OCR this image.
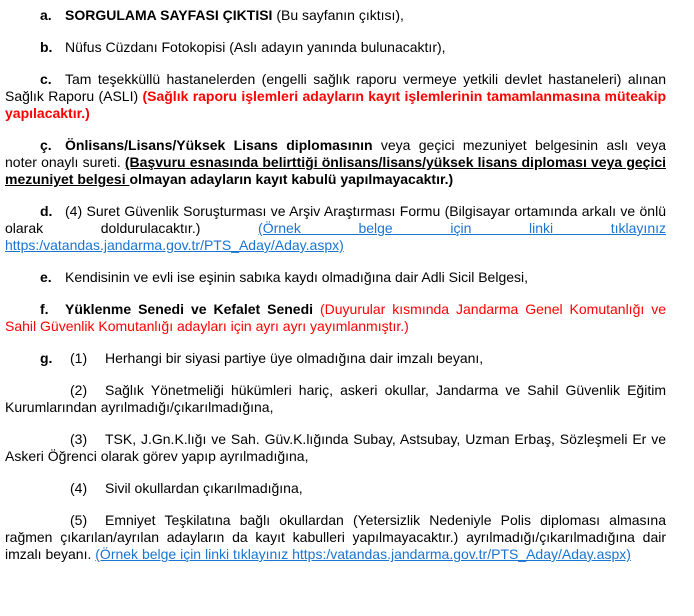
a. SORGULAMA SAYFASI ÇIKTISI (Bu sayfanın çıktısı),

b. Nüfus Cüzdanı Fotokopisi (Aslı adayın yanında bulunacaktır),

c. Tam teşekküllü hastanelerden (engelli sağlık raporu vermeye yetkili devlet hastaneleri) alınan Sağlık Raporu (ASLI) (Sağlık raporu işlemleri adayların kayıt işlemlerinin tamamlanmasına müteakip yapılacaktır.)

ç. Önlisans/Lisans/Yüksek Lisans diplomasının veya geçici mezuniyet belgesinin aslı veya noter onaylı sureti. (Başvuru esnasında belirttiği önlisans/lisans/yüksek lisans diploması veya geçici mezuniyet belgesi olmayan adayların kayıt kabulü yapılmayacaktır.)

d. (4) Suret Güvenlik Soruşturması ve Arşiv Araştırması Formu (Bilgisayar ortamında arkalı ve önlü olarak doldurulacaktır.) (Örnek belge için linki tıklayınız https:/vatandas.jandarma.gov.tr/PTS_Aday/Aday.aspx)

e. Kendisinin ve evli ise eşinin sabıka kaydı olmadığına dair Adli Sicil Belgesi,

f. Yüklenme Senedi ve Kefalet Senedi (Duyurular kısmında Jandarma Genel Komutanlığı ve Sahil Güvenlik Komutanlığı adayları için ayrı ayrı yayımlanmıştır.)

g. (1) Herhangi bir siyasi partiye üye olmadığına dair imzalı beyanı,

(2) Sağlık Yönetmeliği hükümleri hariç, askeri okullar, Jandarma ve Sahil Güvenlik Eğitim Kurumlarından ayrılmadığı/çıkarılmadığına,

(3) TSK, J.Gn.K.lığı ve Sah. Güv.K.lığında Subay, Astsubay, Uzman Erbaş, Sözleşmeli Er ve Askeri Öğrenci olarak görev yapıp ayrılmadığına,

(4) Sivil okullardan çıkarılmadığına,

(5) Emniyet Teşkilatına bağlı okullardan (Yetersizlik Nedeniyle Polis diploması almasına rağmen çıkarılan/ayrılan adayların da kayıt kabulleri yapılmayacaktır.) ayrılmadığı/çıkarılmadığına dair imzalı beyanı. (Örnek belge için linki tıklayınız https:/vatandas.jandarma.gov.tr/PTS_Aday/Aday.aspx)
